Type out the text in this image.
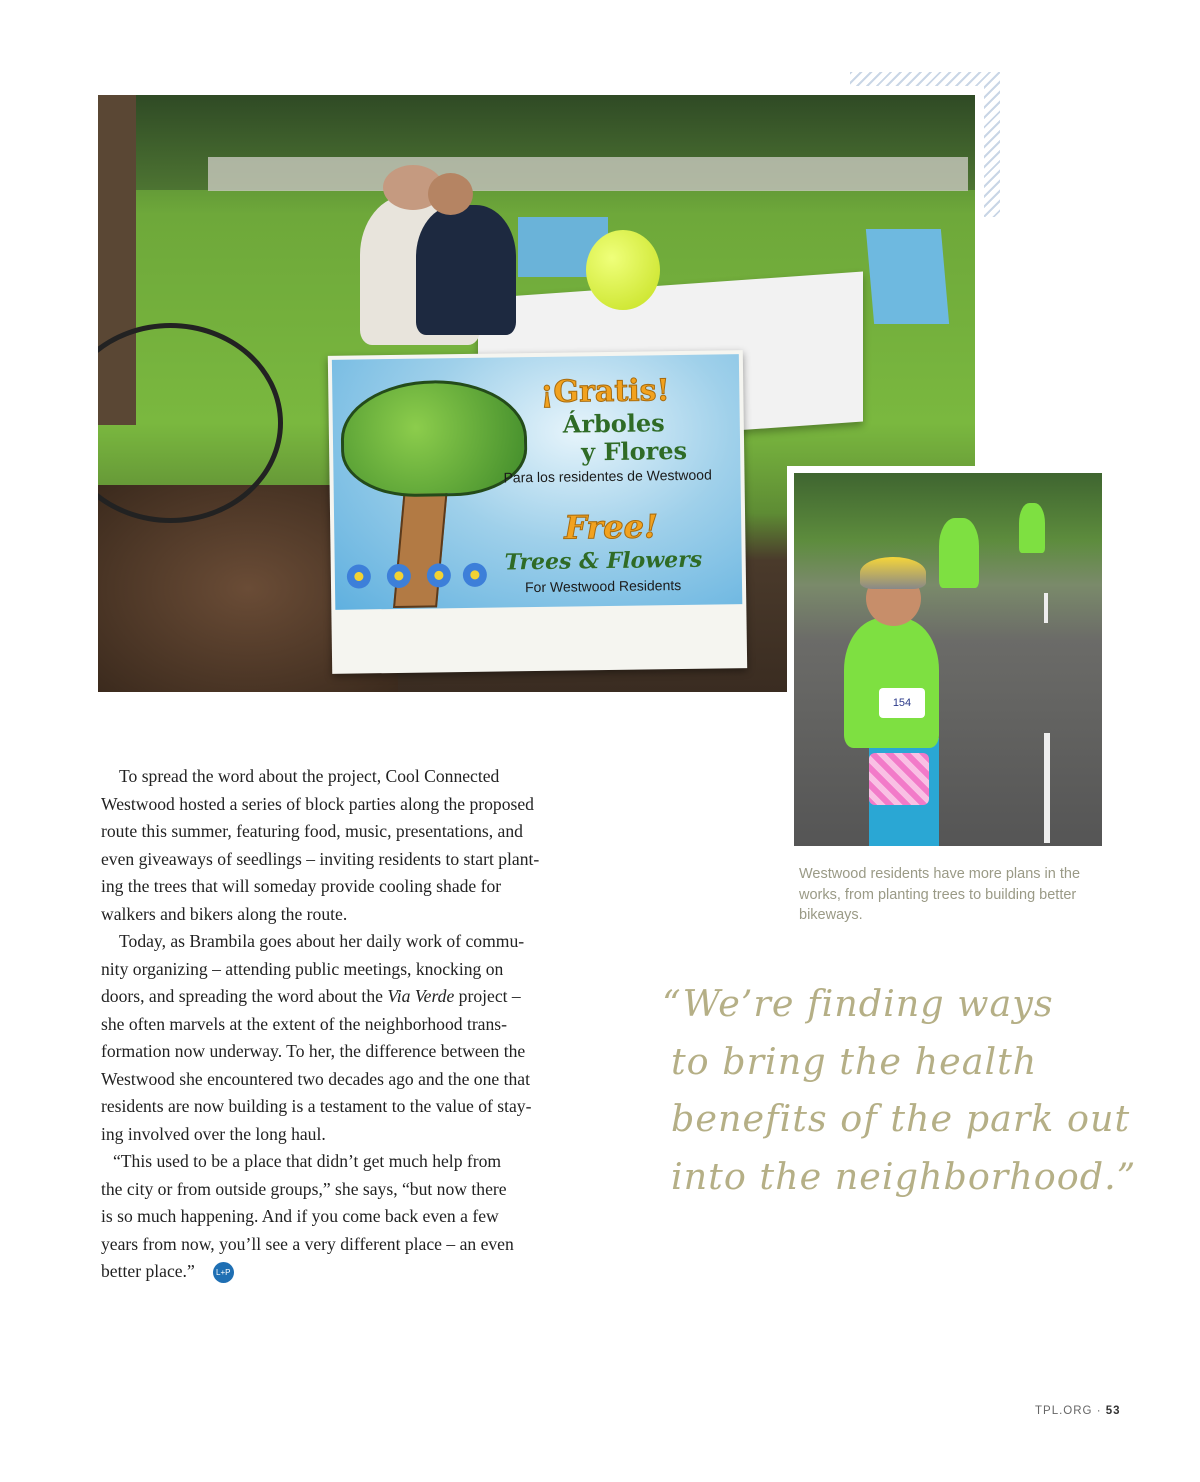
¡Gratis!
Árboles
y Flores
Para los residentes de Westwood
Free!
Trees & Flowers
For Westwood Residents
154
Westwood residents have more plans in the works, from planting trees to building better bikeways.
To spread the word about the project, Cool Connected
Westwood hosted a series of block parties along the proposed
route this summer, featuring food, music, presentations, and
even giveaways of seedlings – inviting residents to start plant-
ing the trees that will someday provide cooling shade for
walkers and bikers along the route.
Today, as Brambila goes about her daily work of commu-
nity organizing – attending public meetings, knocking on
doors, and spreading the word about the Via Verde project –
she often marvels at the extent of the neighborhood trans-
formation now underway. To her, the difference between the
Westwood she encountered two decades ago and the one that
residents are now building is a testament to the value of stay-
ing involved over the long haul.
“This used to be a place that didn’t get much help from
the city or from outside groups,” she says, “but now there
is so much happening. And if you come back even a few
years from now, you’ll see a very different place – an even
better place.”	L+P
“We’re finding ways
to bring the health
benefits of the park out
into the neighborhood.”
TPL.ORG · 53
